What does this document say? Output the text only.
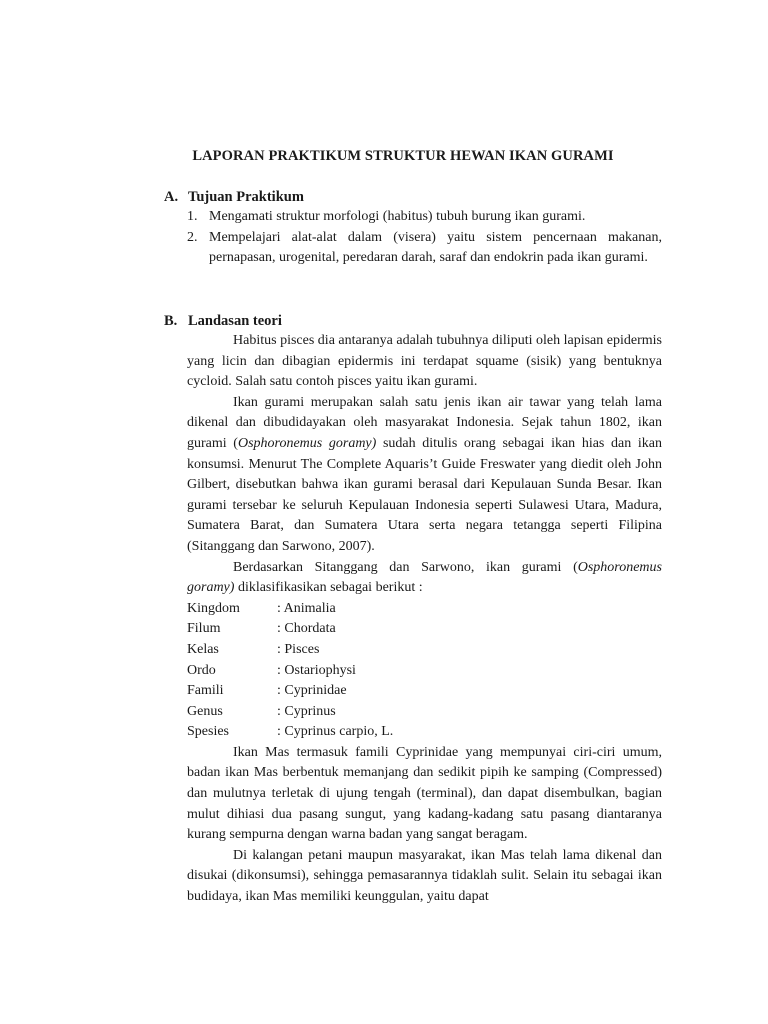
LAPORAN PRAKTIKUM STRUKTUR HEWAN IKAN GURAMI
A. Tujuan Praktikum
1. Mengamati struktur morfologi (habitus) tubuh burung ikan gurami.
2. Mempelajari alat-alat dalam (visera) yaitu sistem pencernaan makanan, pernapasan, urogenital, peredaran darah, saraf dan endokrin pada ikan gurami.
B. Landasan teori

Habitus pisces dia antaranya adalah tubuhnya diliputi oleh lapisan epidermis yang licin dan dibagian epidermis ini terdapat squame (sisik) yang bentuknya cycloid. Salah satu contoh pisces yaitu ikan gurami.

Ikan gurami merupakan salah satu jenis ikan air tawar yang telah lama dikenal dan dibudidayakan oleh masyarakat Indonesia. Sejak tahun 1802, ikan gurami (Osphoronemus goramy) sudah ditulis orang sebagai ikan hias dan ikan konsumsi. Menurut The Complete Aquaris’t Guide Freswater yang diedit oleh John Gilbert, disebutkan bahwa ikan gurami berasal dari Kepulauan Sunda Besar. Ikan gurami tersebar ke seluruh Kepulauan Indonesia seperti Sulawesi Utara, Madura, Sumatera Barat, dan Sumatera Utara serta negara tetangga seperti Filipina (Sitanggang dan Sarwono, 2007).

Berdasarkan Sitanggang dan Sarwono, ikan gurami (Osphoronemus goramy) diklasifikasikan sebagai berikut :

Kingdom	: Animalia
Filum	: Chordata
Kelas	: Pisces
Ordo	: Ostariophysi
Famili	: Cyprinidae
Genus	: Cyprinus
Spesies	: Cyprinus carpio, L.

Ikan Mas termasuk famili Cyprinidae yang mempunyai ciri-ciri umum, badan ikan Mas berbentuk memanjang dan sedikit pipih ke samping (Compressed) dan mulutnya terletak di ujung tengah (terminal), dan dapat disembulkan, bagian mulut dihiasi dua pasang sungut, yang kadang-kadang satu pasang diantaranya kurang sempurna dengan warna badan yang sangat beragam.

Di kalangan petani maupun masyarakat, ikan Mas telah lama dikenal dan disukai (dikonsumsi), sehingga pemasarannya tidaklah sulit. Selain itu sebagai ikan budidaya, ikan Mas memiliki keunggulan, yaitu dapat
